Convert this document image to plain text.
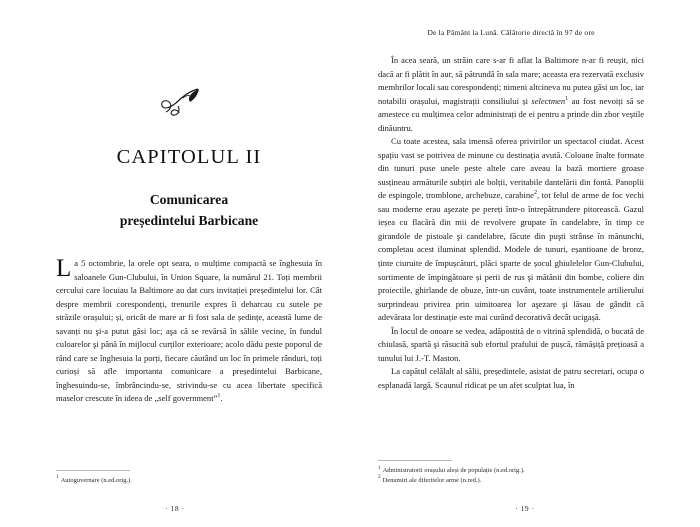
CAPITOLUL II
Comunicarea
președintelui Barbicane

La 5 octombrie, la orele opt seara, o mulțime compactă se înghesuia în saloanele Gun-Clubului, în Union Square, la numărul 21. Toți membrii cercului care locuiau la Baltimore au dat curs invitației președintelui lor. Cât despre membrii corespondenți, trenurile expres îi debarcau cu sutele pe străzile orașului; și, oricât de mare ar fi fost sala de ședințe, această lume de savanți nu şi-a putut găsi loc; aşa că se revărsă în sălile vecine, în fundul culoarelor şi până în mijlocul curților exterioare; acolo dădu peste poporul de rând care se înghesuia la porți, fiecare căutând un loc în primele rânduri, toți curioși să afle importanta comunicare a președintelui Barbicane, înghesuindu-se, îmbrâncindu-se, strivindu-se cu acea libertate specifică maselor crescute în ideea de „self government”$^1$.

$^1$ Autoguvernare (n.ed.orig.).

· 18 ·
De la Pământ la Lună. Călătorie directă în 97 de ore

În acea seară, un străin care s-ar fi aflat la Baltimore n-ar fi reușit, nici dacă ar fi plătit în aur, să pătrundă în sala mare; aceasta era rezervată exclusiv membrilor locali sau corespondenți; nimeni altcineva nu putea găsi un loc, iar notabilii orașului, magistrații consiliului și selectmen$^1$ au fost nevoiți să se amestece cu mulțimea celor administrați de ei pentru a prinde din zbor veștile dinăuntru.

Cu toate acestea, sala imensă oferea privirilor un spectacol ciudat. Acest spațiu vast se potrivea de minune cu destinația avută. Coloane înalte formate din tunuri puse unele peste altele care aveau la bază mortiere groase susțineau armăturile subțiri ale bolții, veritabile dantelării din fontă. Panoplii de espingole, tromblone, archebuze, carabine$^2$, tot felul de arme de foc vechi sau moderne erau aşezate pe pereți într-o întrepătrundere pitorească. Gazul ieșea cu flacără din mii de revolvere grupate în candelabre, în timp ce girandole de pistoale şi candelabre, făcute din puşti strânse în mănunchi, completau acest iluminat splendid. Modele de tunuri, eșantioane de bronz, ținte ciuruite de împușcături, plăci sparte de șocul ghiulelelor Gun-Clubului, sortimente de împingătoare și perii de rus şi mătănii din bombe, coliere din proiectile, ghirlande de obuze, într-un cuvânt, toate instrumentele artilierului surprindeau privirea prin uimitoarea lor aşezare şi lăsau de gândit că adevărata lor destinație este mai curând decorativă decât ucigașă.

În locul de onoare se vedea, adăpostită de o vitrină splendidă, o bucată de chiulasă, spartă şi răsucită sub efortul prafului de pușcă, rămășiță prețioasă a tunului lui J.-T. Maston.

La capătul celălalt al sălii, președintele, asistat de patru secretari, ocupa o esplanadă largă. Scaunul ridicat pe un afet sculptat lua, în

$^1$ Administratorii orașului aleși de populație (n.ed.orig.).

$^2$ Denumiri ale diferitelor arme (n.red.).

· 19 ·
